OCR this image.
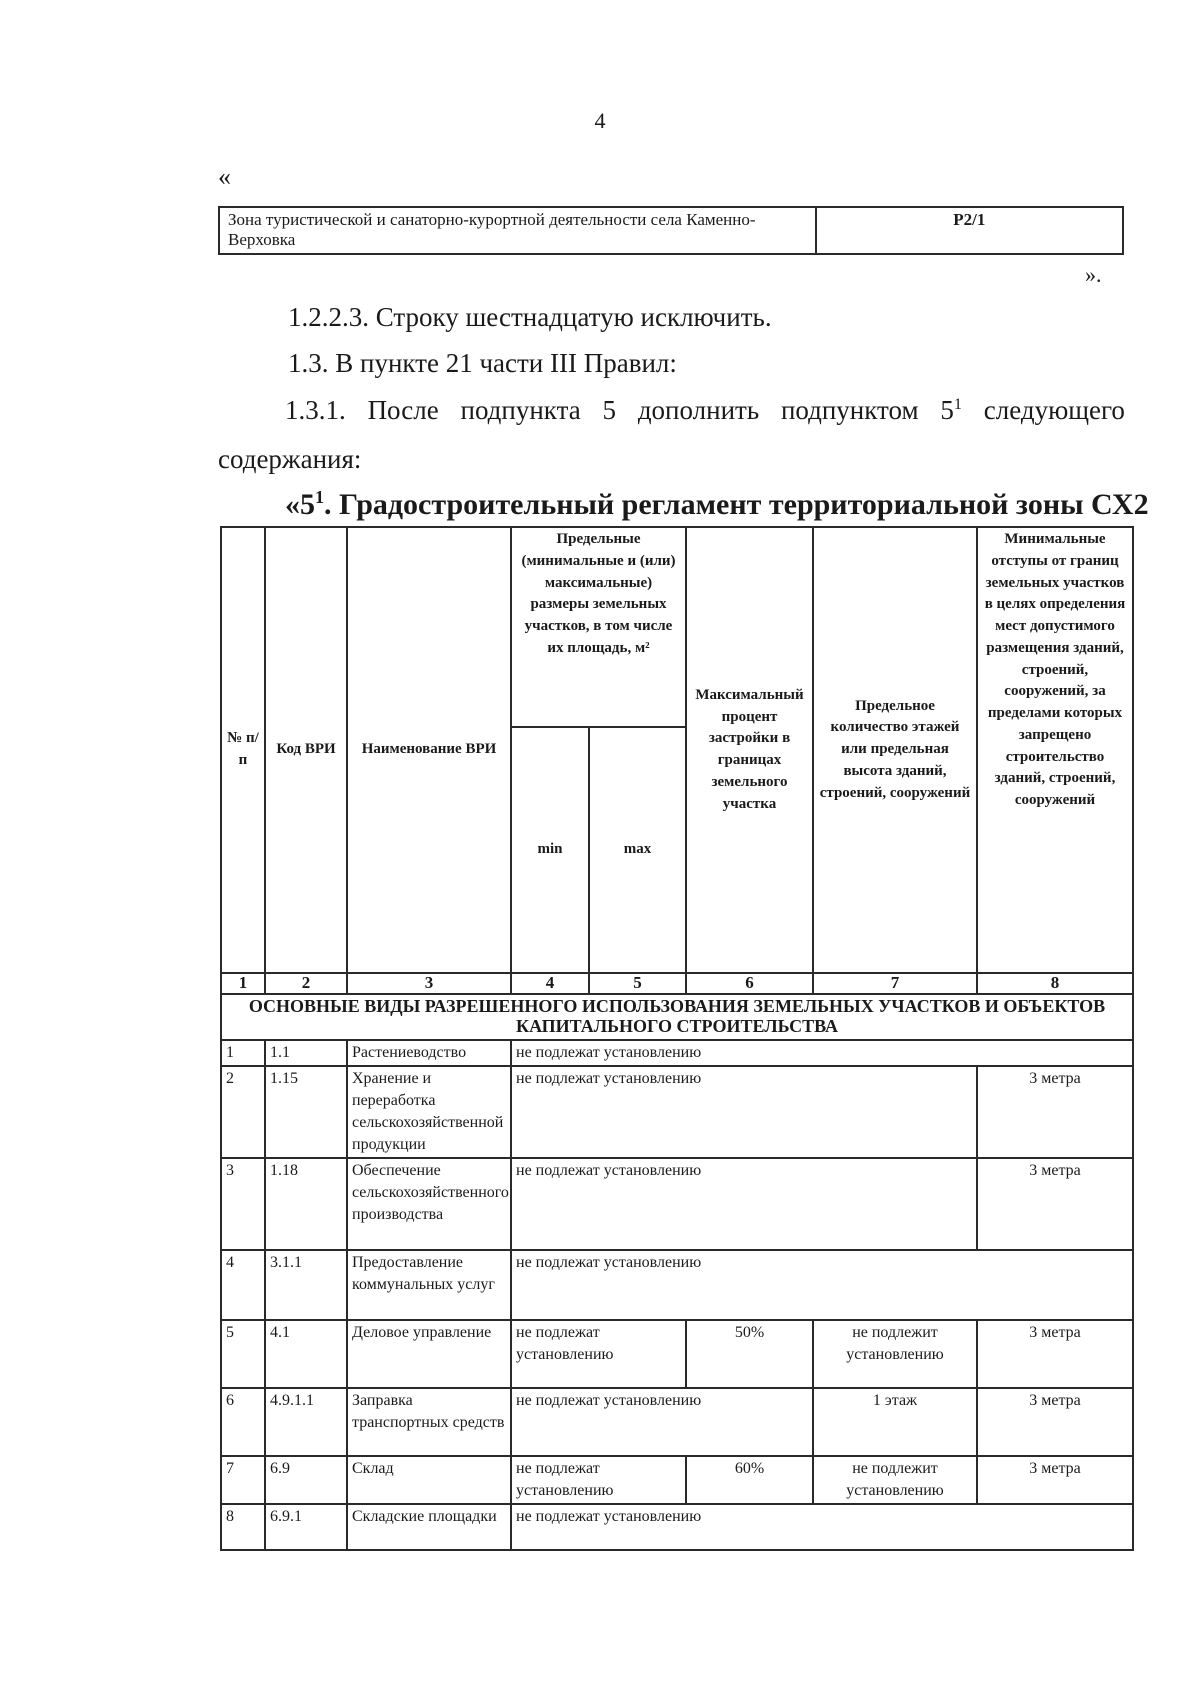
4
«
Зона туристической и санаторно-курортной деятельности села Каменно-Верховка	Р2/1
».
1.2.2.3. Строку шестнадцатую исключить.
1.3. В пункте 21 части III Правил:
1.3.1. После подпункта 5 дополнить подпунктом $5^1$ следующего
содержания:
«$5^1$. Градостроительный регламент территориальной зоны СХ2
№ п/п	Код ВРИ	Наименование ВРИ	Предельные (минимальные и (или) максимальные) размеры земельных участков, в том числе их площадь, м²		Максимальный процент застройки в границах земельного участка	Предельное количество этажей или предельная высота зданий, строений, сооружений	Минимальные отступы от границ земельных участков в целях определения мест допустимого размещения зданий, строений, сооружений, за пределами которых запрещено строительство зданий, строений, сооружений
			min	max			
1	2	3	4	5	6	7	8
ОСНОВНЫЕ ВИДЫ РАЗРЕШЕННОГО ИСПОЛЬЗОВАНИЯ ЗЕМЕЛЬНЫХ УЧАСТКОВ И ОБЪЕКТОВ КАПИТАЛЬНОГО СТРОИТЕЛЬСТВА							
1	1.1	Растениеводство	не подлежат установлению				
2	1.15	Хранение и переработка сельскохозяйственной продукции	не подлежат установлению				3 метра
3	1.18	Обеспечение сельскохозяйственного производства	не подлежат установлению				3 метра
4	3.1.1	Предоставление коммунальных услуг	не подлежат установлению				
5	4.1	Деловое управление	не подлежат установлению		50%	не подлежит установлению	3 метра
6	4.9.1.1	Заправка транспортных средств	не подлежат установлению			1 этаж	3 метра
7	6.9	Склад	не подлежат установлению		60%	не подлежит установлению	3 метра
8	6.9.1	Складские площадки	не подлежат установлению				
